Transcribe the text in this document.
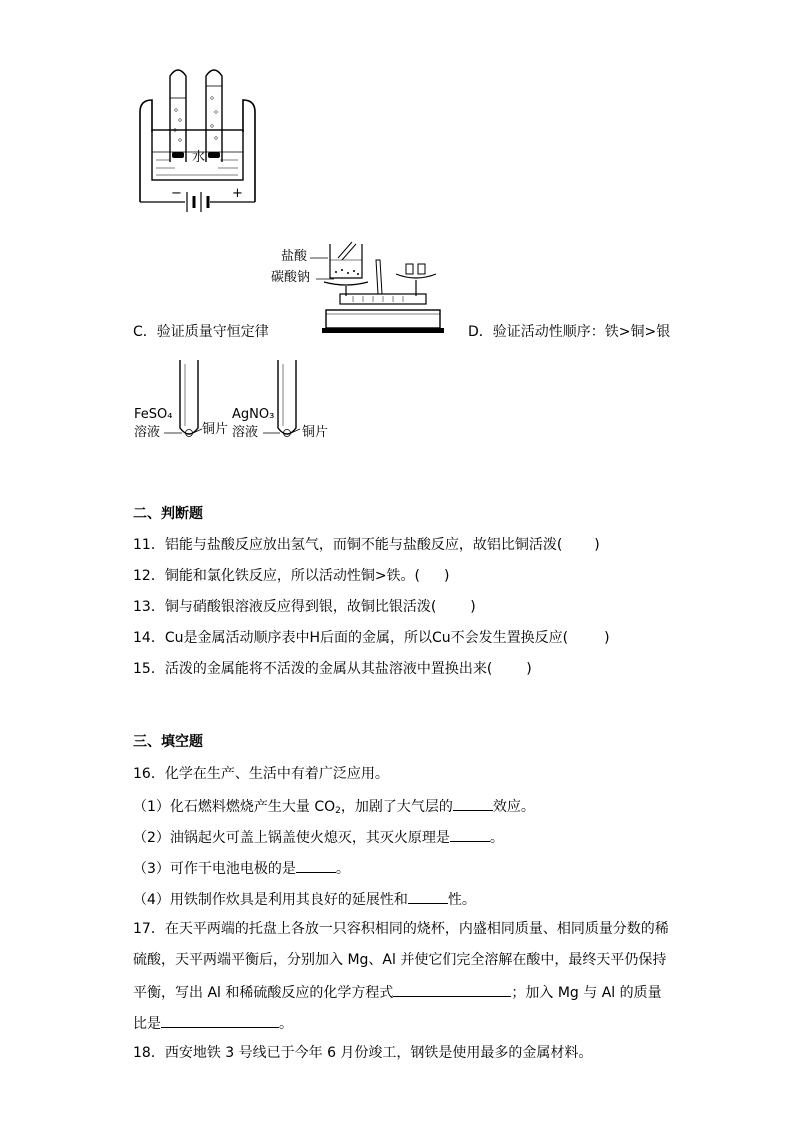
水
−	+
盐酸
碳酸钠
C．验证质量守恒定律	D．验证活动性顺序：铁>铜>银
FeSO₄
溶液	铜片
AgNO₃
溶液	铜片
二、判断题
11．铝能与盐酸反应放出氢气，而铜不能与盐酸反应，故铝比铜活泼( )
12．铜能和氯化铁反应，所以活动性铜>铁。( )
13．铜与硝酸银溶液反应得到银，故铜比银活泼( )
14．Cu是金属活动顺序表中H后面的金属，所以Cu不会发生置换反应(	)
15．活泼的金属能将不活泼的金属从其盐溶液中置换出来( )
三、填空题
16．化学在生产、生活中有着广泛应用。
（1）化石燃料燃烧产生大量 $CO_2$，加剧了大气层的	效应。
（2）油锅起火可盖上锅盖使火熄灭，其灭火原理是	。
（3）可作干电池电极的是	。
（4）用铁制作炊具是利用其良好的延展性和	性。
17．在天平两端的托盘上各放一只容积相同的烧杯，内盛相同质量、相同质量分数的稀
硫酸，天平两端平衡后，分别加入 Mg、Al 并使它们完全溶解在酸中，最终天平仍保持
平衡，写出 Al 和稀硫酸反应的化学方程式	；加入 Mg 与 Al 的质量
比是	。
18．西安地铁 3 号线已于今年 6 月份竣工，钢铁是使用最多的金属材料。
